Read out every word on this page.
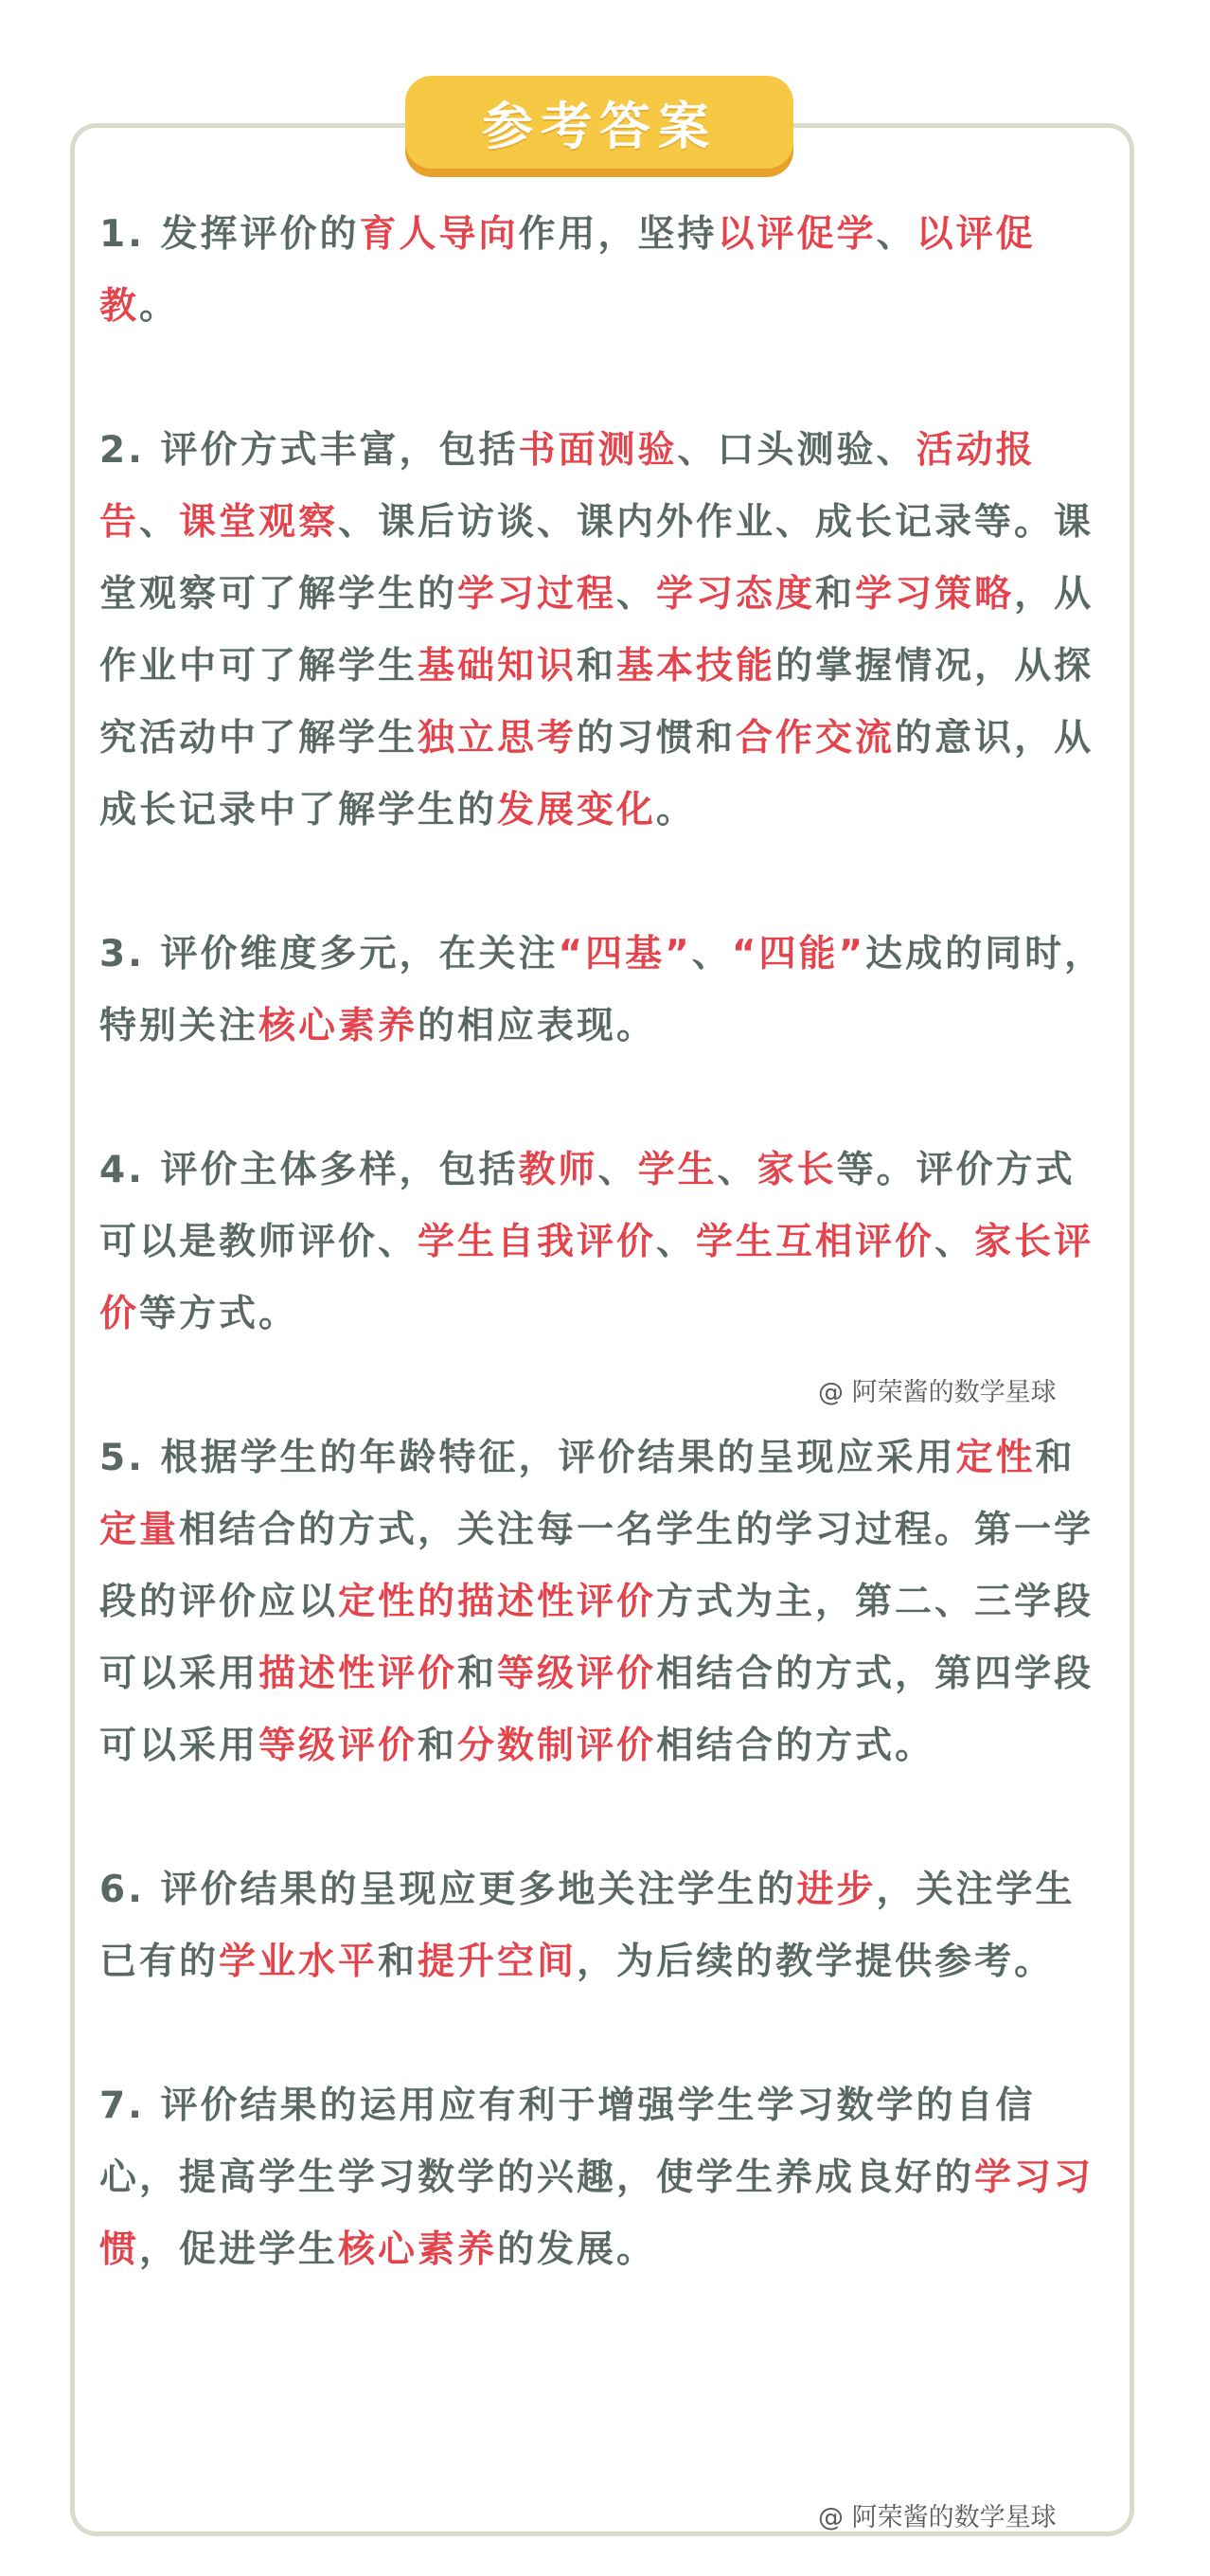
参考答案

1. 发挥评价的育人导向作用，坚持以评促学、以评促教。

2. 评价方式丰富，包括书面测验、口头测验、活动报告、课堂观察、课后访谈、课内外作业、成长记录等。课堂观察可了解学生的学习过程、学习态度和学习策略，从作业中可了解学生基础知识和基本技能的掌握情况，从探究活动中了解学生独立思考的习惯和合作交流的意识，从成长记录中了解学生的发展变化。

3. 评价维度多元，在关注“四基”、“四能”达成的同时，特别关注核心素养的相应表现。

4. 评价主体多样，包括教师、学生、家长等。评价方式可以是教师评价、学生自我评价、学生互相评价、家长评价等方式。

5. 根据学生的年龄特征，评价结果的呈现应采用定性和定量相结合的方式，关注每一名学生的学习过程。第一学段的评价应以定性的描述性评价方式为主，第二、三学段可以采用描述性评价和等级评价相结合的方式，第四学段可以采用等级评价和分数制评价相结合的方式。

6. 评价结果的呈现应更多地关注学生的进步，关注学生已有的学业水平和提升空间，为后续的教学提供参考。

7. 评价结果的运用应有利于增强学生学习数学的自信心，提高学生学习数学的兴趣，使学生养成良好的学习习惯，促进学生核心素养的发展。

@ 阿荣酱的数学星球
@ 阿荣酱的数学星球
